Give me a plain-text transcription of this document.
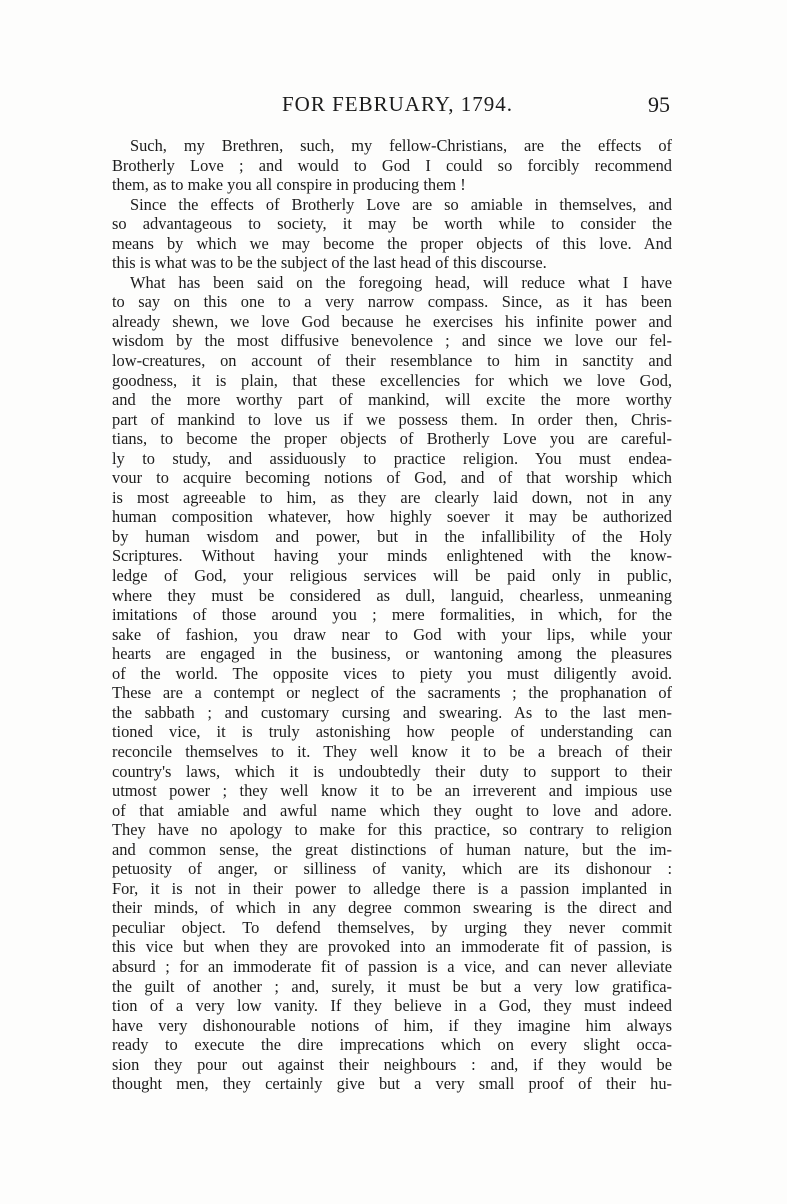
FOR FEBRUARY, 1794.	95
Such, my Brethren, such, my fellow-Christians, are the effects of
Brotherly Love ; and would to God I could so forcibly recommend
them, as to make you all conspire in producing them !
Since the effects of Brotherly Love are so amiable in themselves, and
so advantageous to society, it may be worth while to consider the
means by which we may become the proper objects of this love. And
this is what was to be the subject of the last head of this discourse.
What has been said on the foregoing head, will reduce what I have
to say on this one to a very narrow compass. Since, as it has been
already shewn, we love God because he exercises his infinite power and
wisdom by the most diffusive benevolence ; and since we love our fel-
low-creatures, on account of their resemblance to him in sanctity and
goodness, it is plain, that these excellencies for which we love God,
and the more worthy part of mankind, will excite the more worthy
part of mankind to love us if we possess them. In order then, Chris-
tians, to become the proper objects of Brotherly Love you are careful-
ly to study, and assiduously to practice religion. You must endea-
vour to acquire becoming notions of God, and of that worship which
is most agreeable to him, as they are clearly laid down, not in any
human composition whatever, how highly soever it may be authorized
by human wisdom and power, but in the infallibility of the Holy
Scriptures. Without having your minds enlightened with the know-
ledge of God, your religious services will be paid only in public,
where they must be considered as dull, languid, chearless, unmeaning
imitations of those around you ; mere formalities, in which, for the
sake of fashion, you draw near to God with your lips, while your
hearts are engaged in the business, or wantoning among the pleasures
of the world. The opposite vices to piety you must diligently avoid.
These are a contempt or neglect of the sacraments ; the prophanation of
the sabbath ; and customary cursing and swearing. As to the last men-
tioned vice, it is truly astonishing how people of understanding can
reconcile themselves to it. They well know it to be a breach of their
country's laws, which it is undoubtedly their duty to support to their
utmost power ; they well know it to be an irreverent and impious use
of that amiable and awful name which they ought to love and adore.
They have no apology to make for this practice, so contrary to religion
and common sense, the great distinctions of human nature, but the im-
petuosity of anger, or silliness of vanity, which are its dishonour :
For, it is not in their power to alledge there is a passion implanted in
their minds, of which in any degree common swearing is the direct and
peculiar object. To defend themselves, by urging they never commit
this vice but when they are provoked into an immoderate fit of passion, is
absurd ; for an immoderate fit of passion is a vice, and can never alleviate
the guilt of another ; and, surely, it must be but a very low gratifica-
tion of a very low vanity. If they believe in a God, they must indeed
have very dishonourable notions of him, if they imagine him always
ready to execute the dire imprecations which on every slight occa-
sion they pour out against their neighbours : and, if they would be
thought men, they certainly give but a very small proof of their hu-
